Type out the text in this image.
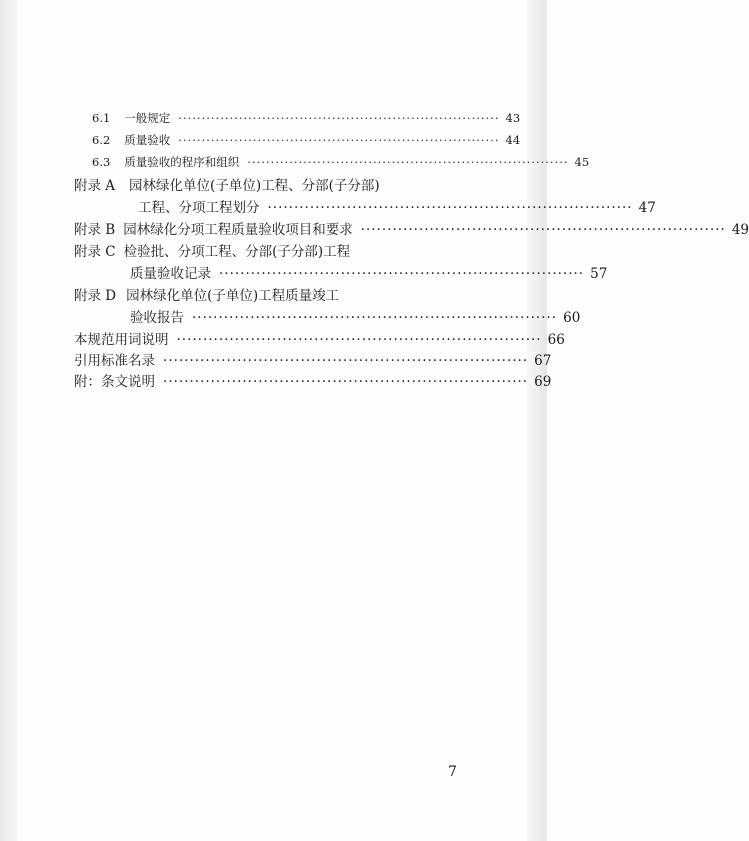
6.1 一般规定 ····································································· 43
6.2 质量验收 ····································································· 44
6.3 质量验收的程序和组织 ····································································· 45
附录 A 园林绿化单位(子单位)工程、分部(子分部)
工程、分项工程划分 ····································································· 47
附录 B 园林绿化分项工程质量验收项目和要求 ····································································· 49
附录 C 检验批、分项工程、分部(子分部)工程
质量验收记录 ····································································· 57
附录 D 园林绿化单位(子单位)工程质量竣工
验收报告 ····································································· 60
本规范用词说明 ····································································· 66
引用标准名录 ····································································· 67
附：条文说明 ····································································· 69
7
